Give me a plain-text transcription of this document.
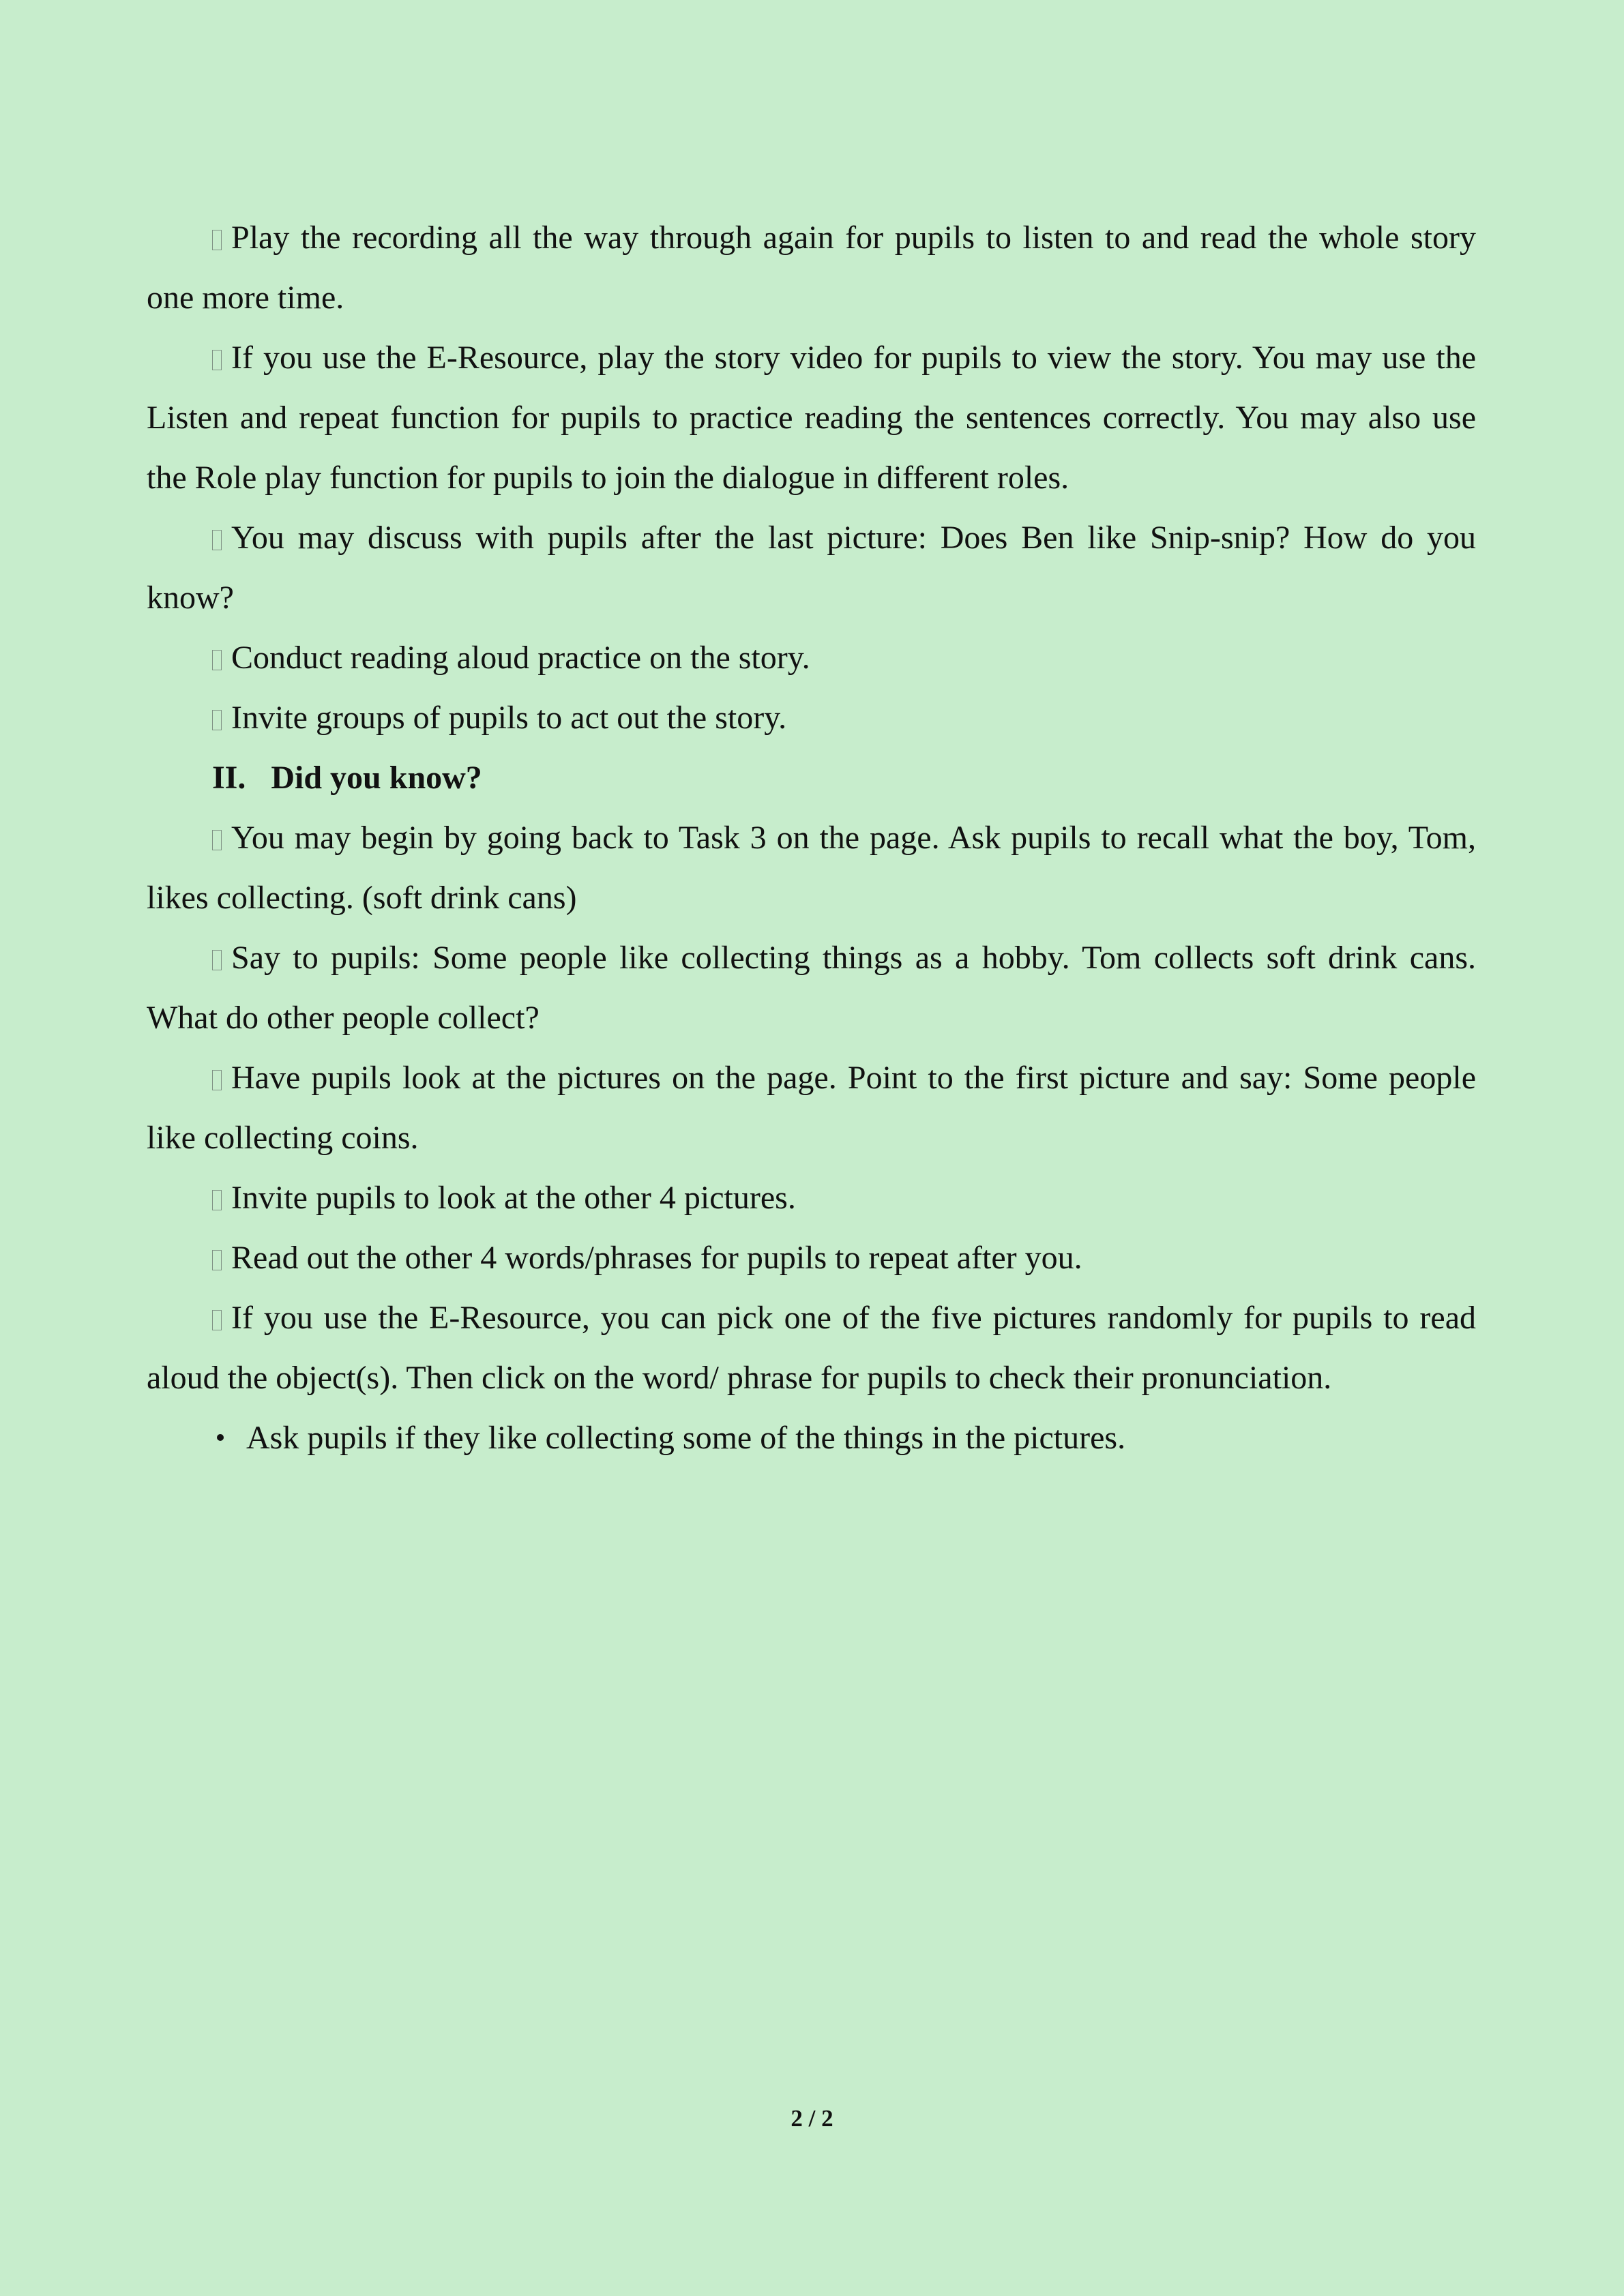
Play the recording all the way through again for pupils to listen to and read the whole story
one more time.
If you use the E-Resource, play the story video for pupils to view the story. You may use the
Listen and repeat function for pupils to practice reading the sentences correctly. You may also use
the Role play function for pupils to join the dialogue in different roles.
You may discuss with pupils after the last picture: Does Ben like Snip-snip? How do you
know?
Conduct reading aloud practice on the story.
Invite groups of pupils to act out the story.
II. Did you know?
You may begin by going back to Task 3 on the page. Ask pupils to recall what the boy, Tom,
likes collecting. (soft drink cans)
Say to pupils: Some people like collecting things as a hobby. Tom collects soft drink cans.
What do other people collect?
Have pupils look at the pictures on the page. Point to the first picture and say: Some people
like collecting coins.
Invite pupils to look at the other 4 pictures.
Read out the other 4 words/phrases for pupils to repeat after you.
If you use the E-Resource, you can pick one of the five pictures randomly for pupils to read
aloud the object(s). Then click on the word/ phrase for pupils to check their pronunciation.
Ask pupils if they like collecting some of the things in the pictures.
2 / 2
